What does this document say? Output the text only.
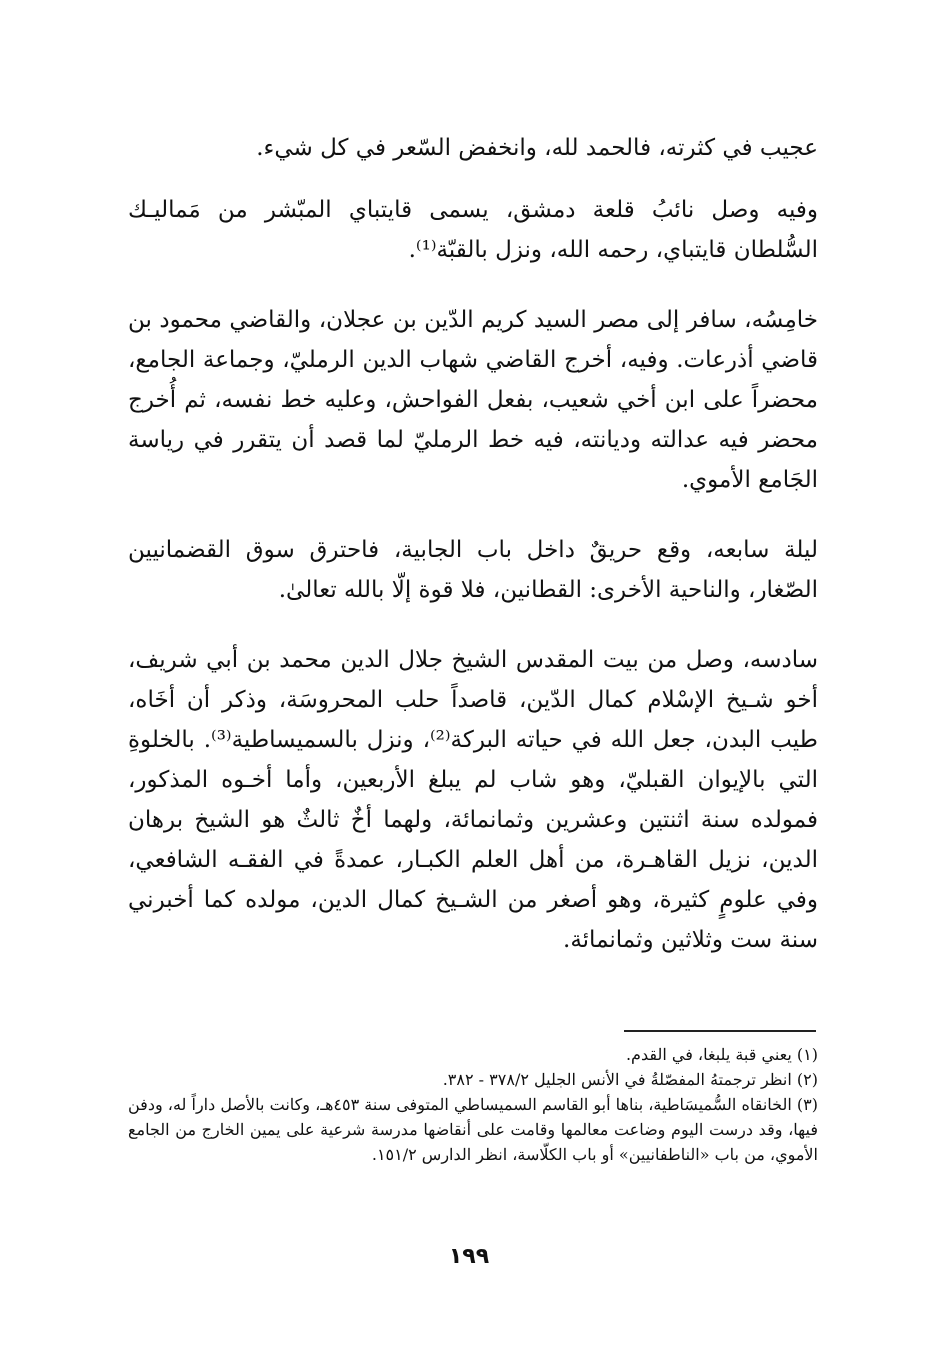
عجيب في كثرته، فالحمد لله، وانخفض السّعر في كل شيء.

وفيه وصل نائبُ قلعة دمشق، يسمى قايتباي المبّشر من مَماليـك السُّلطان قايتباي، رحمه الله، ونزل بالقبّة⁽¹⁾.

خامِسُه، سافر إلى مصر السيد كريم الدّين بن عجلان، والقاضي محمود بن قاضي أذرعات. وفيه، أخرج القاضي شهاب الدين الرمليّ، وجماعة الجامع، محضراً على ابن أخي شعيب، بفعل الفواحش، وعليه خط نفسه، ثم أُخرج محضر فيه عدالته وديانته، فيه خط الرمليّ لما قصد أن يتقرر في رياسة الجَامع الأموي.

ليلة سابعه، وقع حريقٌ داخل باب الجابية، فاحترق سوق القضمانيين الصّغار، والناحية الأخرى: القطانين، فلا قوة إلّا بالله تعالىٰ.

سادسه، وصل من بيت المقدس الشيخ جلال الدين محمد بن أبي شريف، أخو شـيخ الإسْلام كمال الدّين، قاصداً حلب المحروسَة، وذكر أن أخَاه، طيب البدن، جعل الله في حياته البركة⁽²⁾، ونزل بالسميساطية⁽³⁾. بالخلوةِ التي بالإيوان القبليّ، وهو شاب لم يبلغ الأربعين، وأما أخـوه المذكور، فمولده سنة اثنتين وعشرين وثمانمائة، ولهما أخٌ ثالثٌ هو الشيخ برهان الدين، نزيل القاهـرة، من أهل العلم الكبـار، عمدةً في الفقـه الشافعي، وفي علومٍ كثيرة، وهو أصغر من الشـيخ كمال الدين، مولده كما أخبرني سنة ست وثلاثين وثمانمائة.

(١) يعني قبة يلبغا، في القدم.

(٢) انظر ترجمتهُ المفصّلةُ في الأنس الجليل ٣٧٨/٢ - ٣٨٢.

(٣) الخانقاه السُّميسَاطية، بناها أبو القاسم السميساطي المتوفى سنة ٤٥٣هـ، وكانت بالأصل داراً له، ودفن فيها، وقد درست اليوم وضاعت معالمها وقامت على أنقاضها مدرسة شرعية على يمين الخارج من الجامع الأموي، من باب «الناطفانيين» أو باب الكلّاسة، انظر الدارس ١٥١/٢.

١٩٩
